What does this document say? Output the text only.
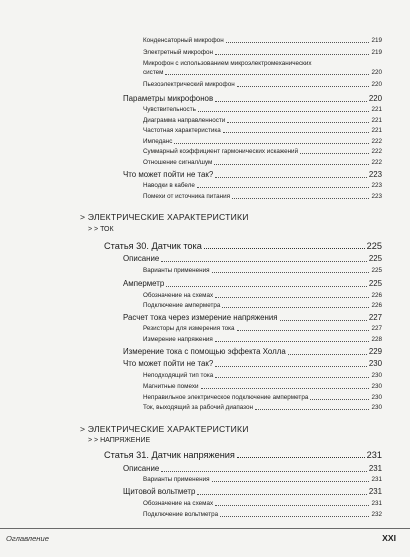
Конденсаторный микрофон	219
Электретный микрофон	219
Микрофон с использованием микроэлектромеханических
систем	220
Пьезоэлектрический микрофон	220
Параметры микрофонов	220
Чувствительность	221
Диаграмма направленности	221
Частотная характеристика	221
Импеданс	222
Суммарный коэффициент гармонических искажений	222
Отношение сигнал/шум	222
Что может пойти не так?	223
Наводки в кабеле	223
Помехи от источника питания	223
> ЭЛЕКТРИЧЕСКИЕ ХАРАКТЕРИСТИКИ
> > ТОК
Статья 30. Датчик тока	225
Описание	225
Варианты применения	225
Амперметр	225
Обозначение на схемах	226
Подключение амперметра	226
Расчет тока через измерение напряжения	227
Резисторы для измерения тока	227
Измерение напряжения	228
Измерение тока с помощью эффекта Холла	229
Что может пойти не так?	230
Неподходящий тип тока	230
Магнитные помехи	230
Неправильное электрическое подключение амперметра	230
Ток, выходящий за рабочий диапазон	230
> ЭЛЕКТРИЧЕСКИЕ ХАРАКТЕРИСТИКИ
> > НАПРЯЖЕНИЕ
Статья 31. Датчик напряжения	231
Описание	231
Варианты применения	231
Щитовой вольтметр	231
Обозначение на схемах	231
Подключение вольтметра	232
Оглавление	XXI
